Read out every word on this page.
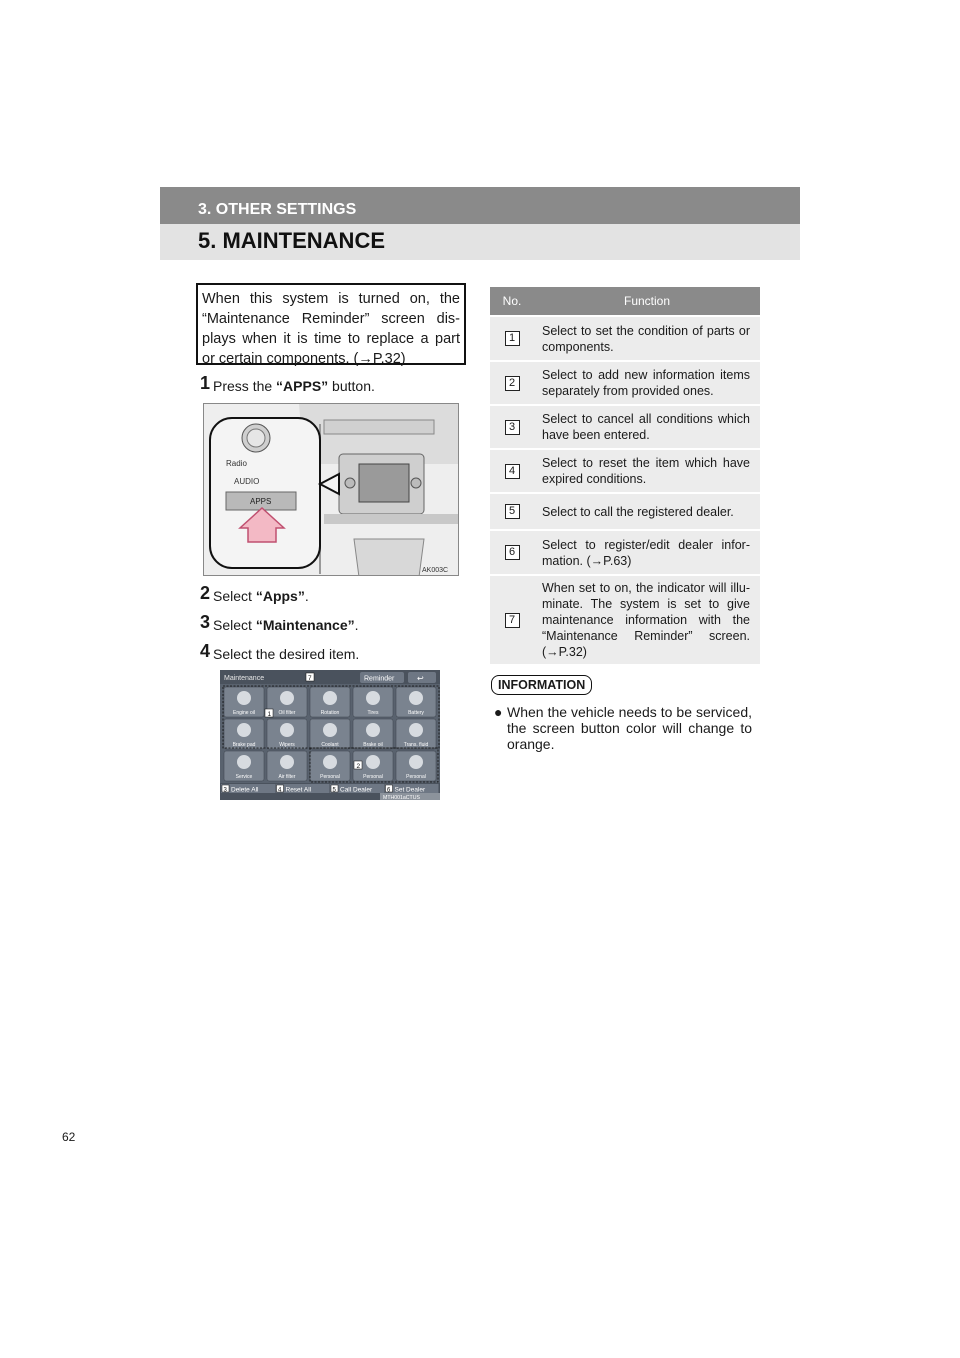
3. OTHER SETTINGS
5. MAINTENANCE
When this system is turned on, the
“Maintenance Reminder” screen dis-
plays when it is time to replace a part
or certain components. (→P.32)
1 Press the “APPS” button.
Radio
AUDIO
APPS
AK003C
2 Select “Apps”.
3 Select “Maintenance”.
4 Select the desired item.
Maintenance	7	Reminder	↩
Engine oil	Oil filter	Rotation	Tires	Battery
Brake pad	Wipers	Coolant	Brake oil	Trans. fluid
Service	Air filter	Personal	Personal	Personal
1
2
3 Delete All	4 Reset All	5 Call Dealer 6 Set Dealer
MTH001aCTUS
No.	Function
1
Select to set the condition of parts or components.
2
Select to add new information items separately from provided ones.
3
Select to cancel all conditions which have been entered.
4
Select to reset the item which have expired conditions.
5	Select to call the registered dealer.
6
Select to register/edit dealer infor-mation. (→P.63)
7
When set to on, the indicator will illu-minate. The system is set to give maintenance information with the “Maintenance Reminder” screen. (→P.32)
INFORMATION
● When the vehicle needs to be serviced, the screen button color will change to orange.
62
